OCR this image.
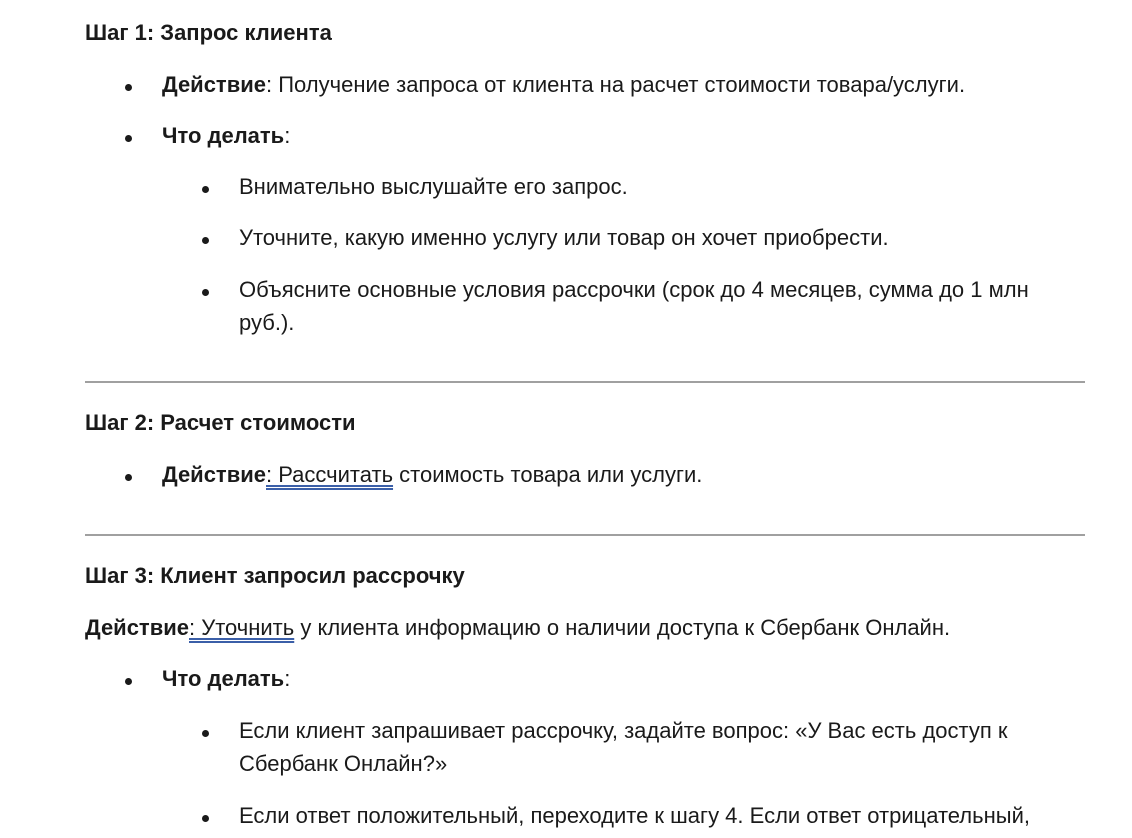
Шаг 1: Запрос клиента
Действие: Получение запроса от клиента на расчет стоимости товара/услуги.
Что делать:
Внимательно выслушайте его запрос.
Уточните, какую именно услугу или товар он хочет приобрести.
Объясните основные условия рассрочки (срок до 4 месяцев, сумма до 1 млн руб.).
Шаг 2: Расчет стоимости
Действие: Рассчитать стоимость товара или услуги.
Шаг 3: Клиент запросил рассрочку
Действие: Уточнить у клиента информацию о наличии доступа к Сбербанк Онлайн.
Что делать:
Если клиент запрашивает рассрочку, задайте вопрос: «У Вас есть доступ к Сбербанк Онлайн?»
Если ответ положительный, переходите к шагу 4. Если ответ отрицательный,
